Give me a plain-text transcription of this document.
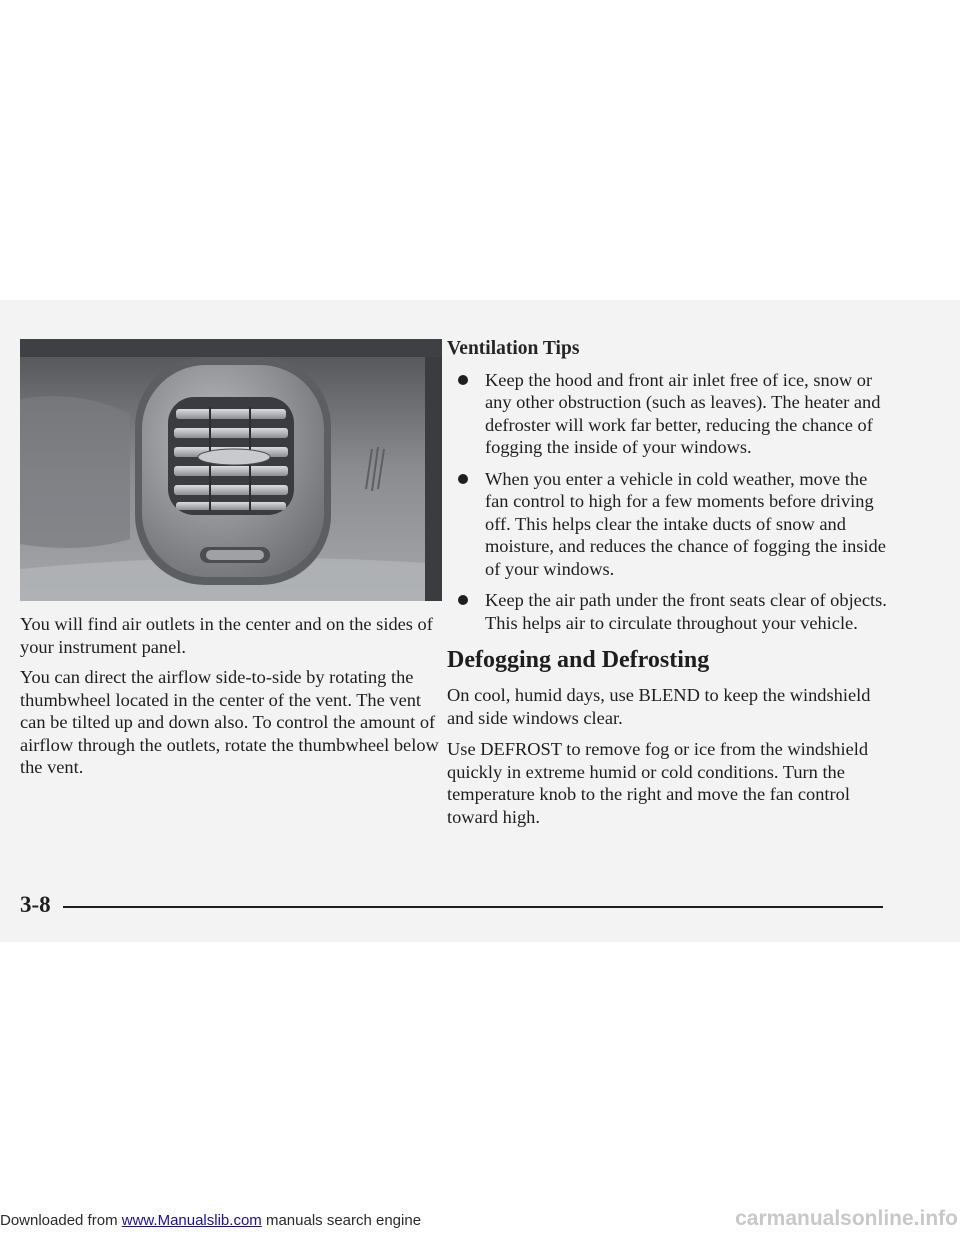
You will find air outlets in the center and on the sides of your instrument panel.

You can direct the airflow side-to-side by rotating the thumbwheel located in the center of the vent. The vent can be tilted up and down also. To control the amount of airflow through the outlets, rotate the thumbwheel below the vent.

Ventilation Tips
Keep the hood and front air inlet free of ice, snow or any other obstruction (such as leaves). The heater and defroster will work far better, reducing the chance of fogging the inside of your windows.
When you enter a vehicle in cold weather, move the fan control to high for a few moments before driving off. This helps clear the intake ducts of snow and moisture, and reduces the chance of fogging the inside of your windows.
Keep the air path under the front seats clear of objects. This helps air to circulate throughout your vehicle.
Defogging and Defrosting

On cool, humid days, use BLEND to keep the windshield and side windows clear.

Use DEFROST to remove fog or ice from the windshield quickly in extreme humid or cold conditions. Turn the temperature knob to the right and move the fan control toward high.

3-8
Downloaded from www.Manualslib.com manuals search engine	carmanualsonline.info
